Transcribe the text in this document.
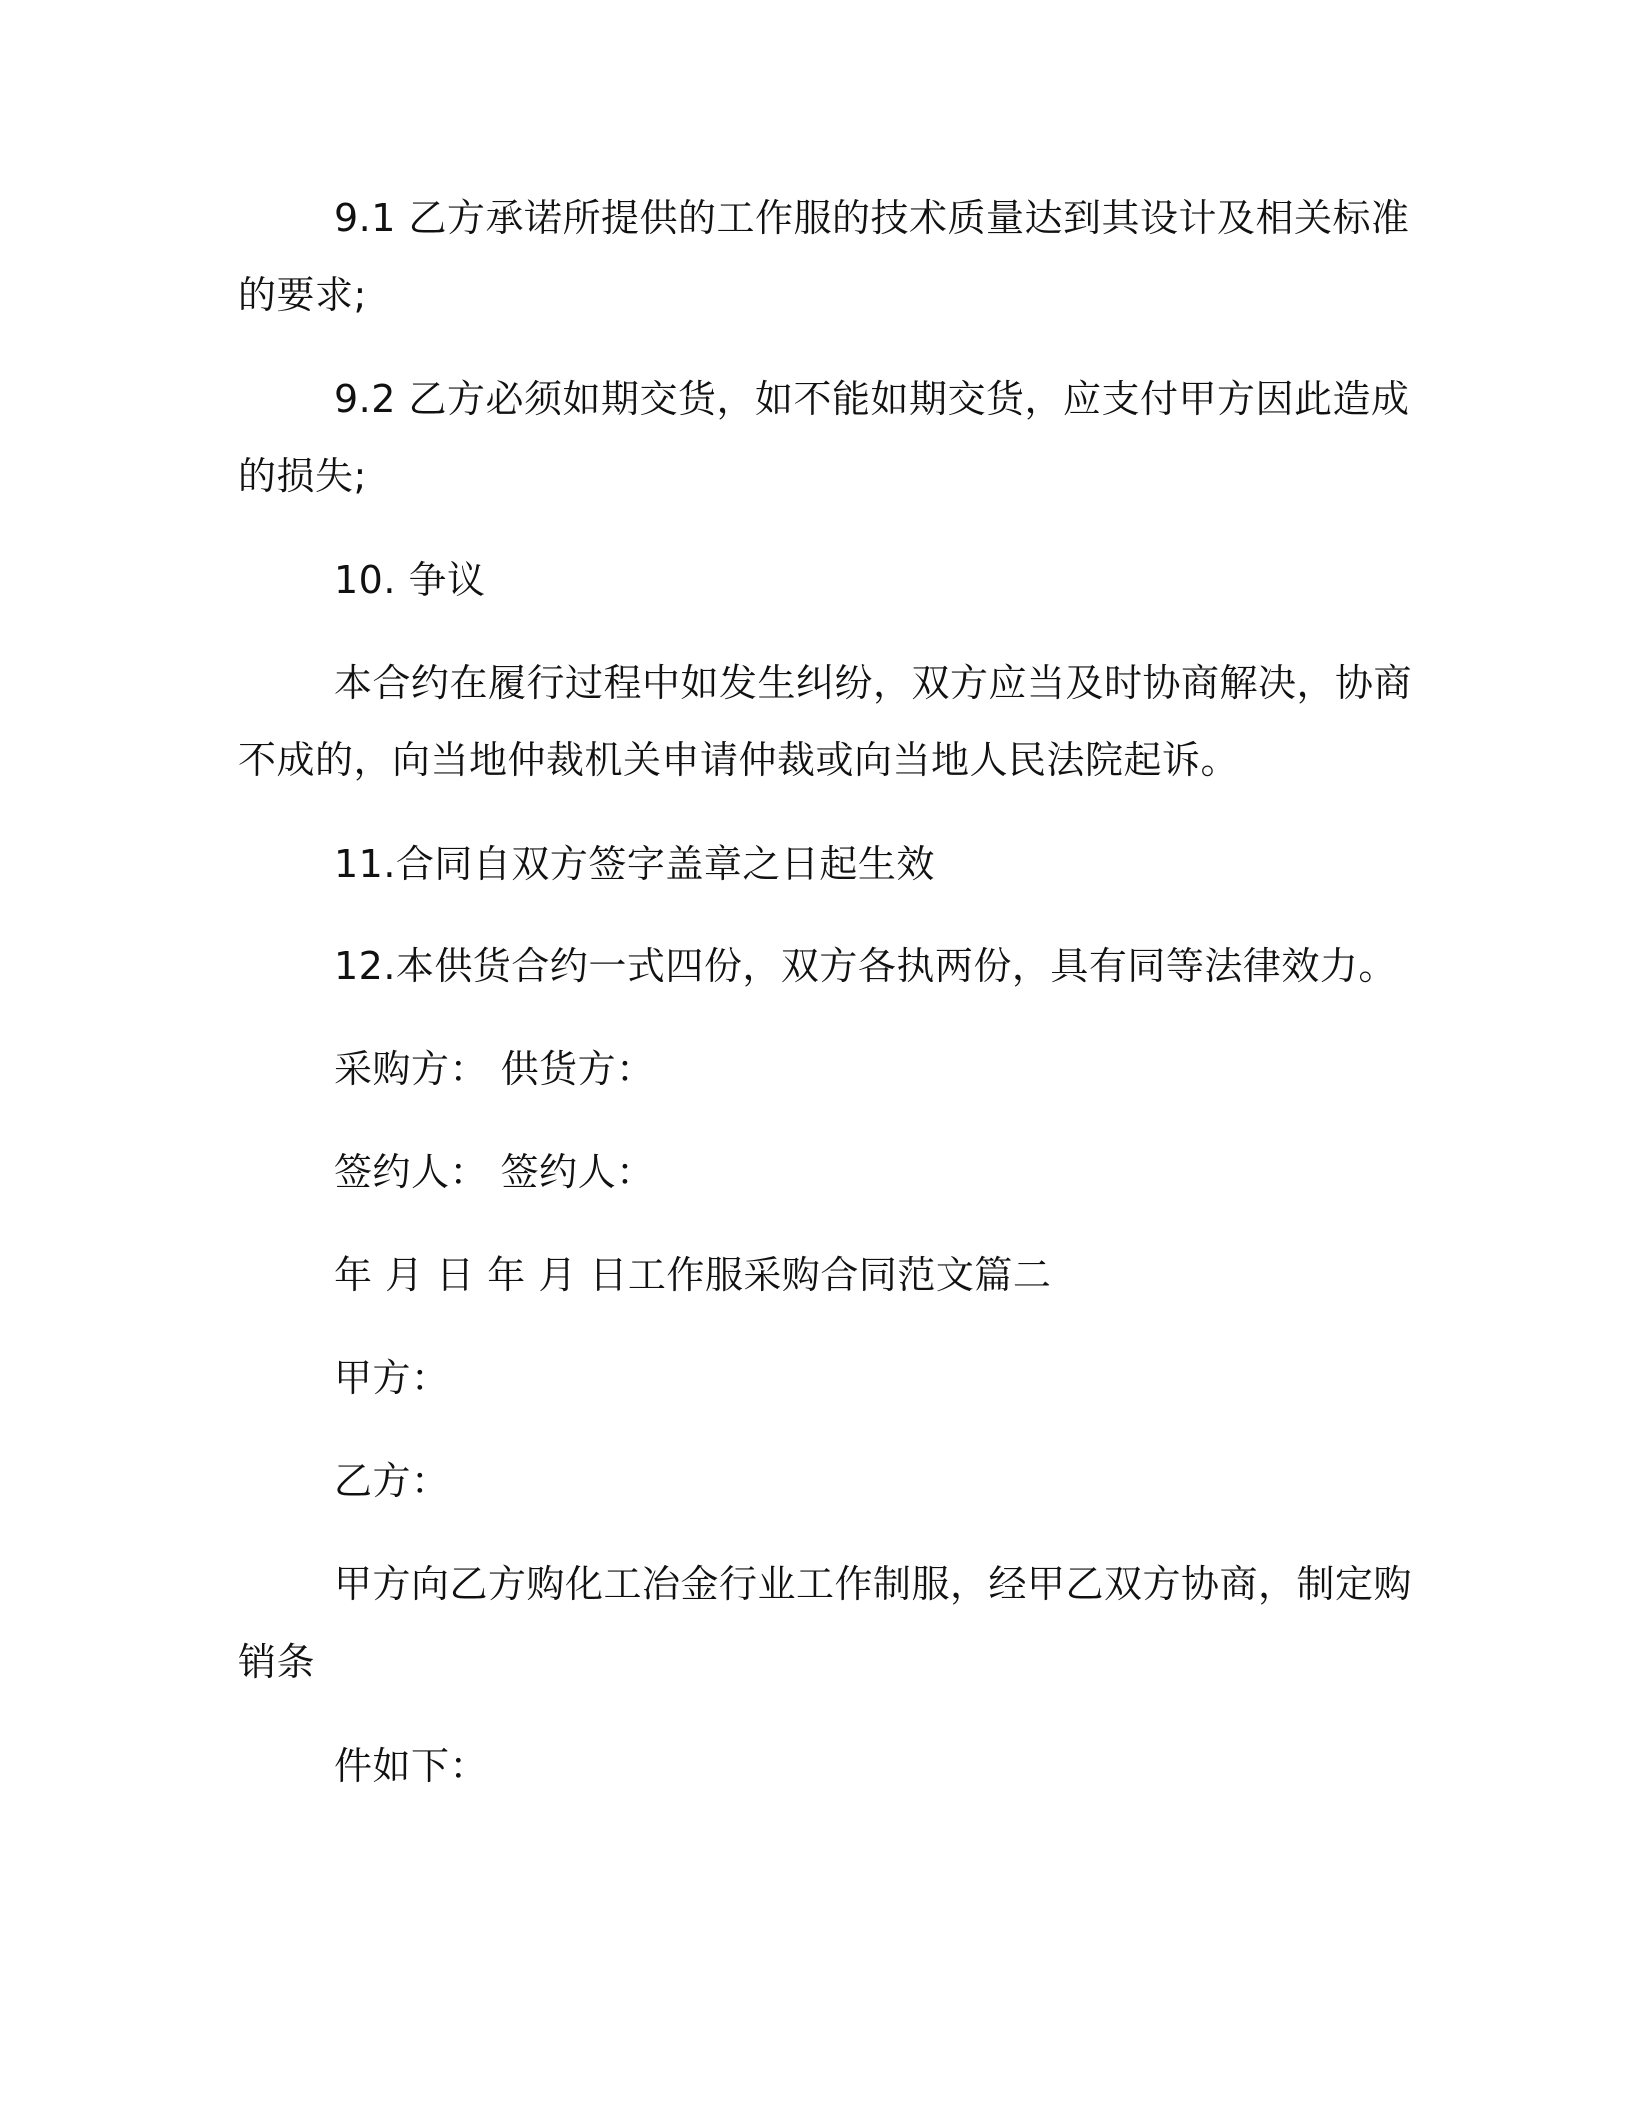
9.1 乙方承诺所提供的工作服的技术质量达到其设计及相关标准
的要求;
9.2 乙方必须如期交货，如不能如期交货，应支付甲方因此造成
的损失;
10. 争议
本合约在履行过程中如发生纠纷，双方应当及时协商解决，协商
不成的，向当地仲裁机关申请仲裁或向当地人民法院起诉。
11.合同自双方签字盖章之日起生效
12.本供货合约一式四份，双方各执两份，具有同等法律效力。
采购方： 供货方：
签约人： 签约人：
年 月 日 年 月 日工作服采购合同范文篇二
甲方：
乙方：
甲方向乙方购化工冶金行业工作制服，经甲乙双方协商，制定购
销条
件如下：
